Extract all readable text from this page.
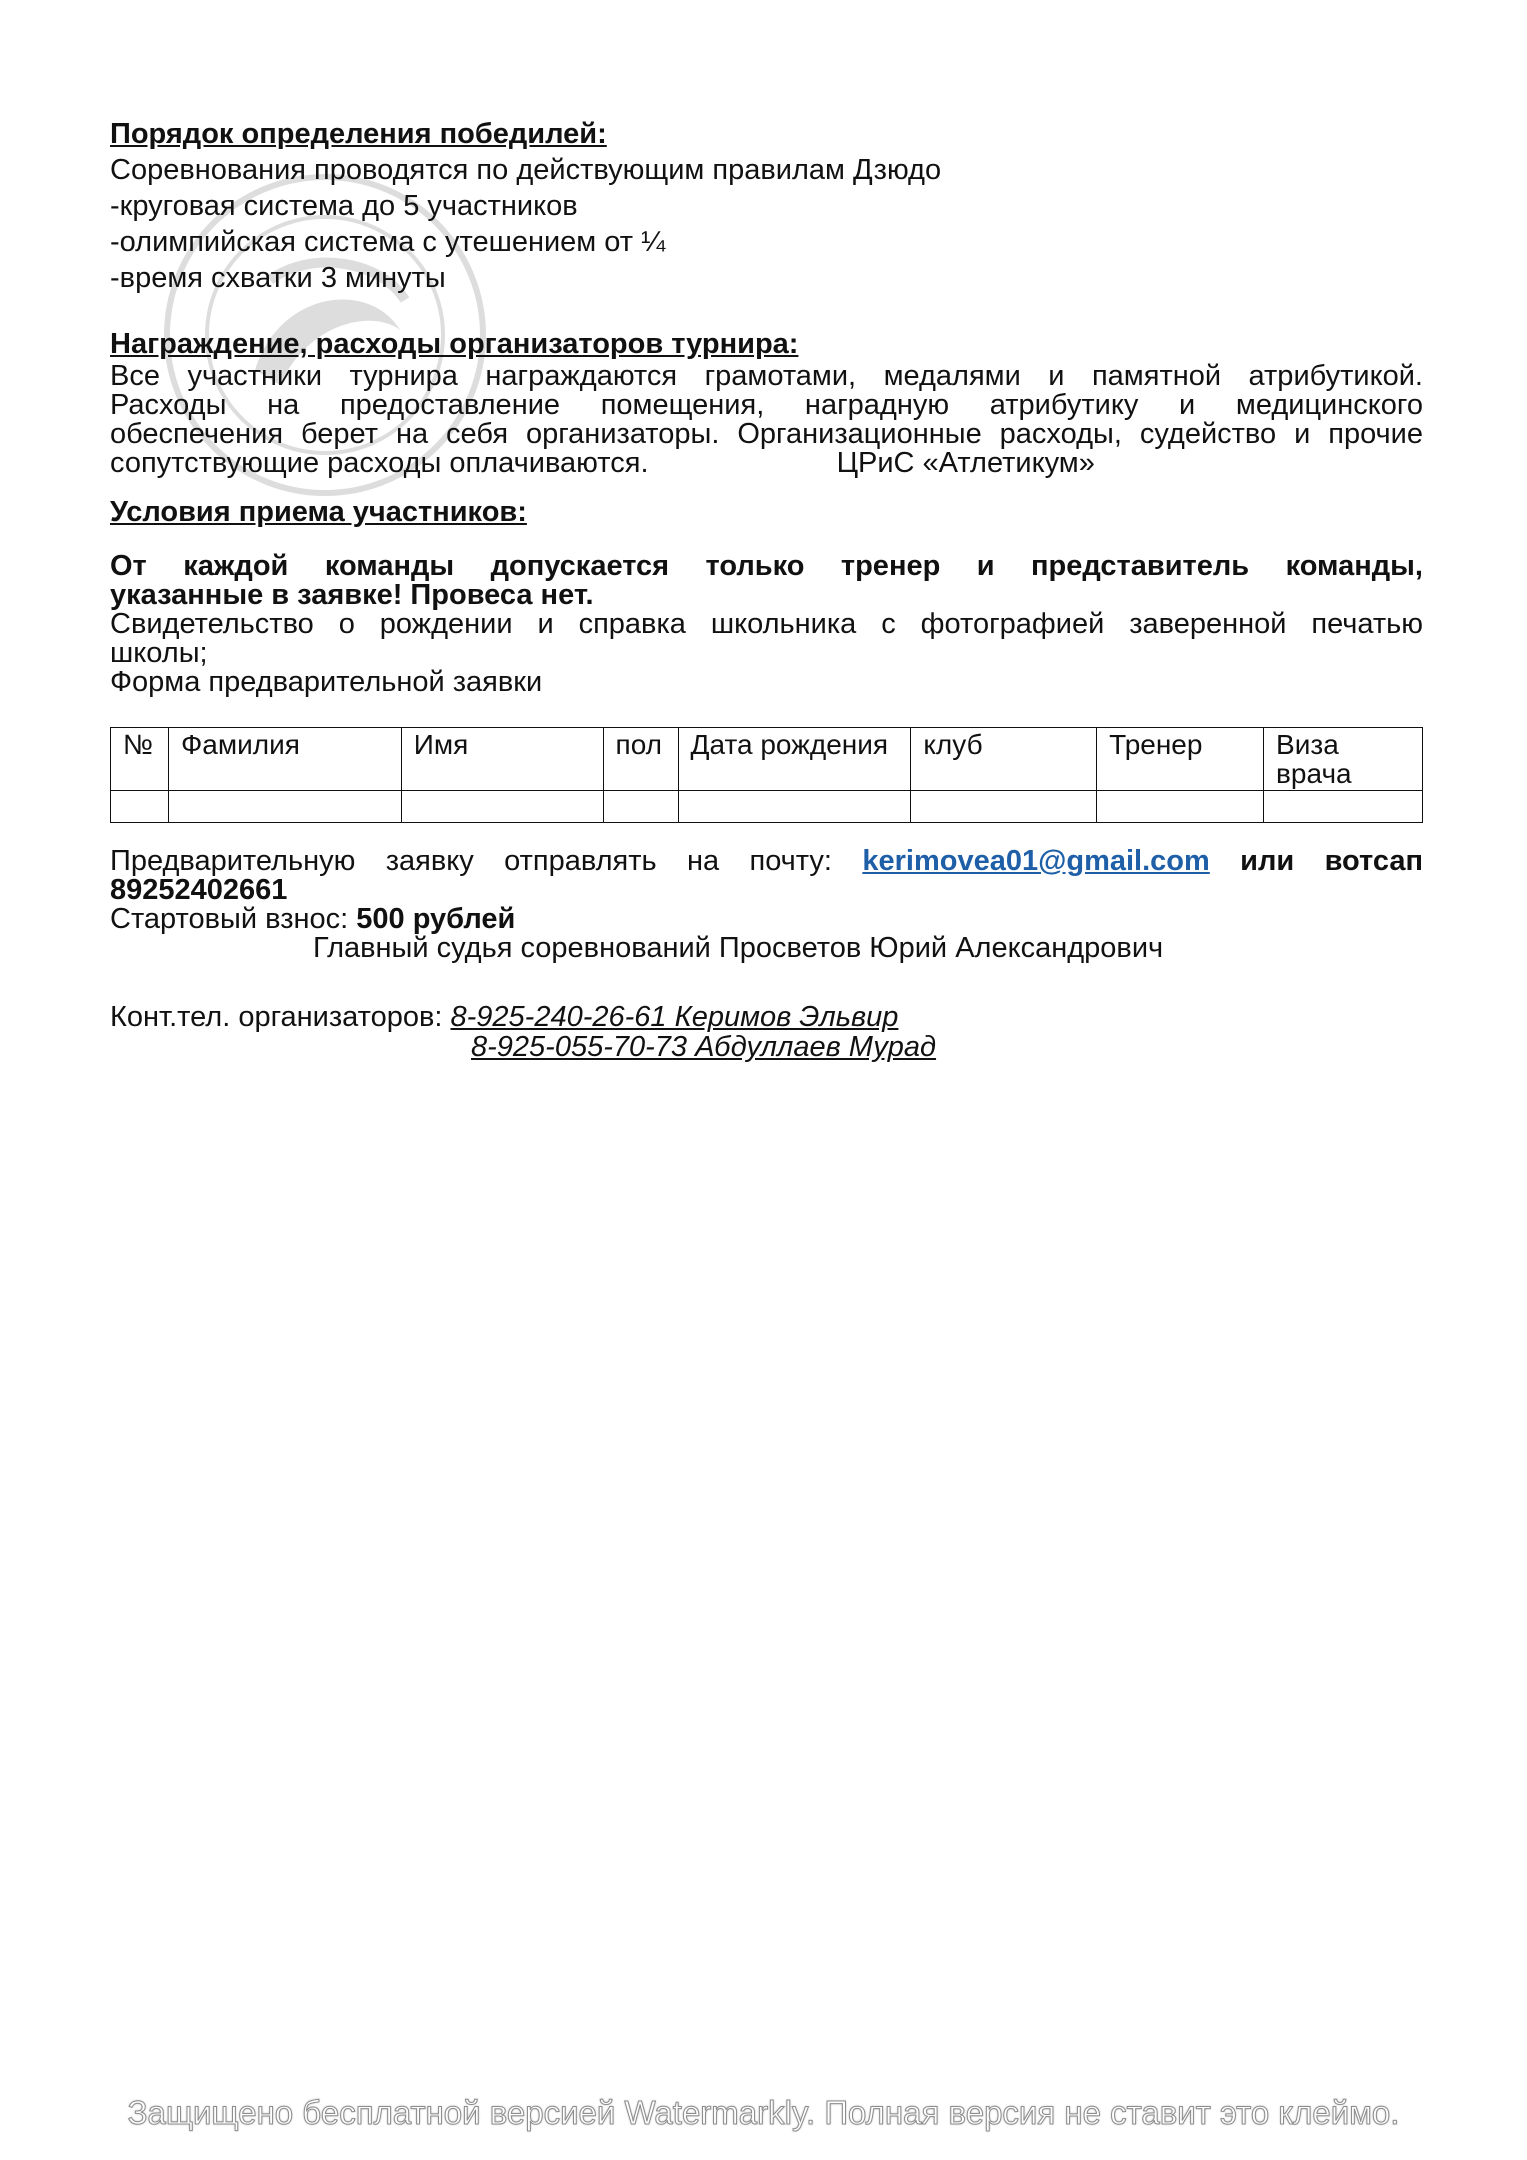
Порядок определения победилей:

Соревнования проводятся по действующим правилам Дзюдо

-круговая система до 5 участников

-олимпийская система с утешением от ¼

-время схватки 3 минуты

Награждение, расходы организаторов турнира:

Все участники турнира награждаются грамотами, медалями и памятной атрибутикой.

Расходы на предоставление помещения, наградную атрибутику и медицинского

обеспечения берет на себя организаторы. Организационные расходы, судейство и прочие

сопутствующие расходы оплачиваются.	ЦРиС «Атлетикум»

Условия приема участников:

От каждой команды допускается только тренер и представитель команды,

указанные в заявке! Провеса нет.

Свидетельство о рождении и справка школьника с фотографией заверенной печатью

школы;

Форма предварительной заявки

№	Фамилия	Имя	пол	Дата рождения	клуб	Тренер	Виза врача

Предварительную заявку отправлять на почту: kerimovea01@gmail.com или вотсап

89252402661

Стартовый взнос: 500 рублей

Главный судья соревнований Просветов Юрий Александрович

Конт.тел. организаторов: 8-925-240-26-61 Керимов Эльвир

8-925-055-70-73 Абдуллаев Мурад

Защищено бесплатной версией Watermarkly. Полная версия не ставит это клеймо.
